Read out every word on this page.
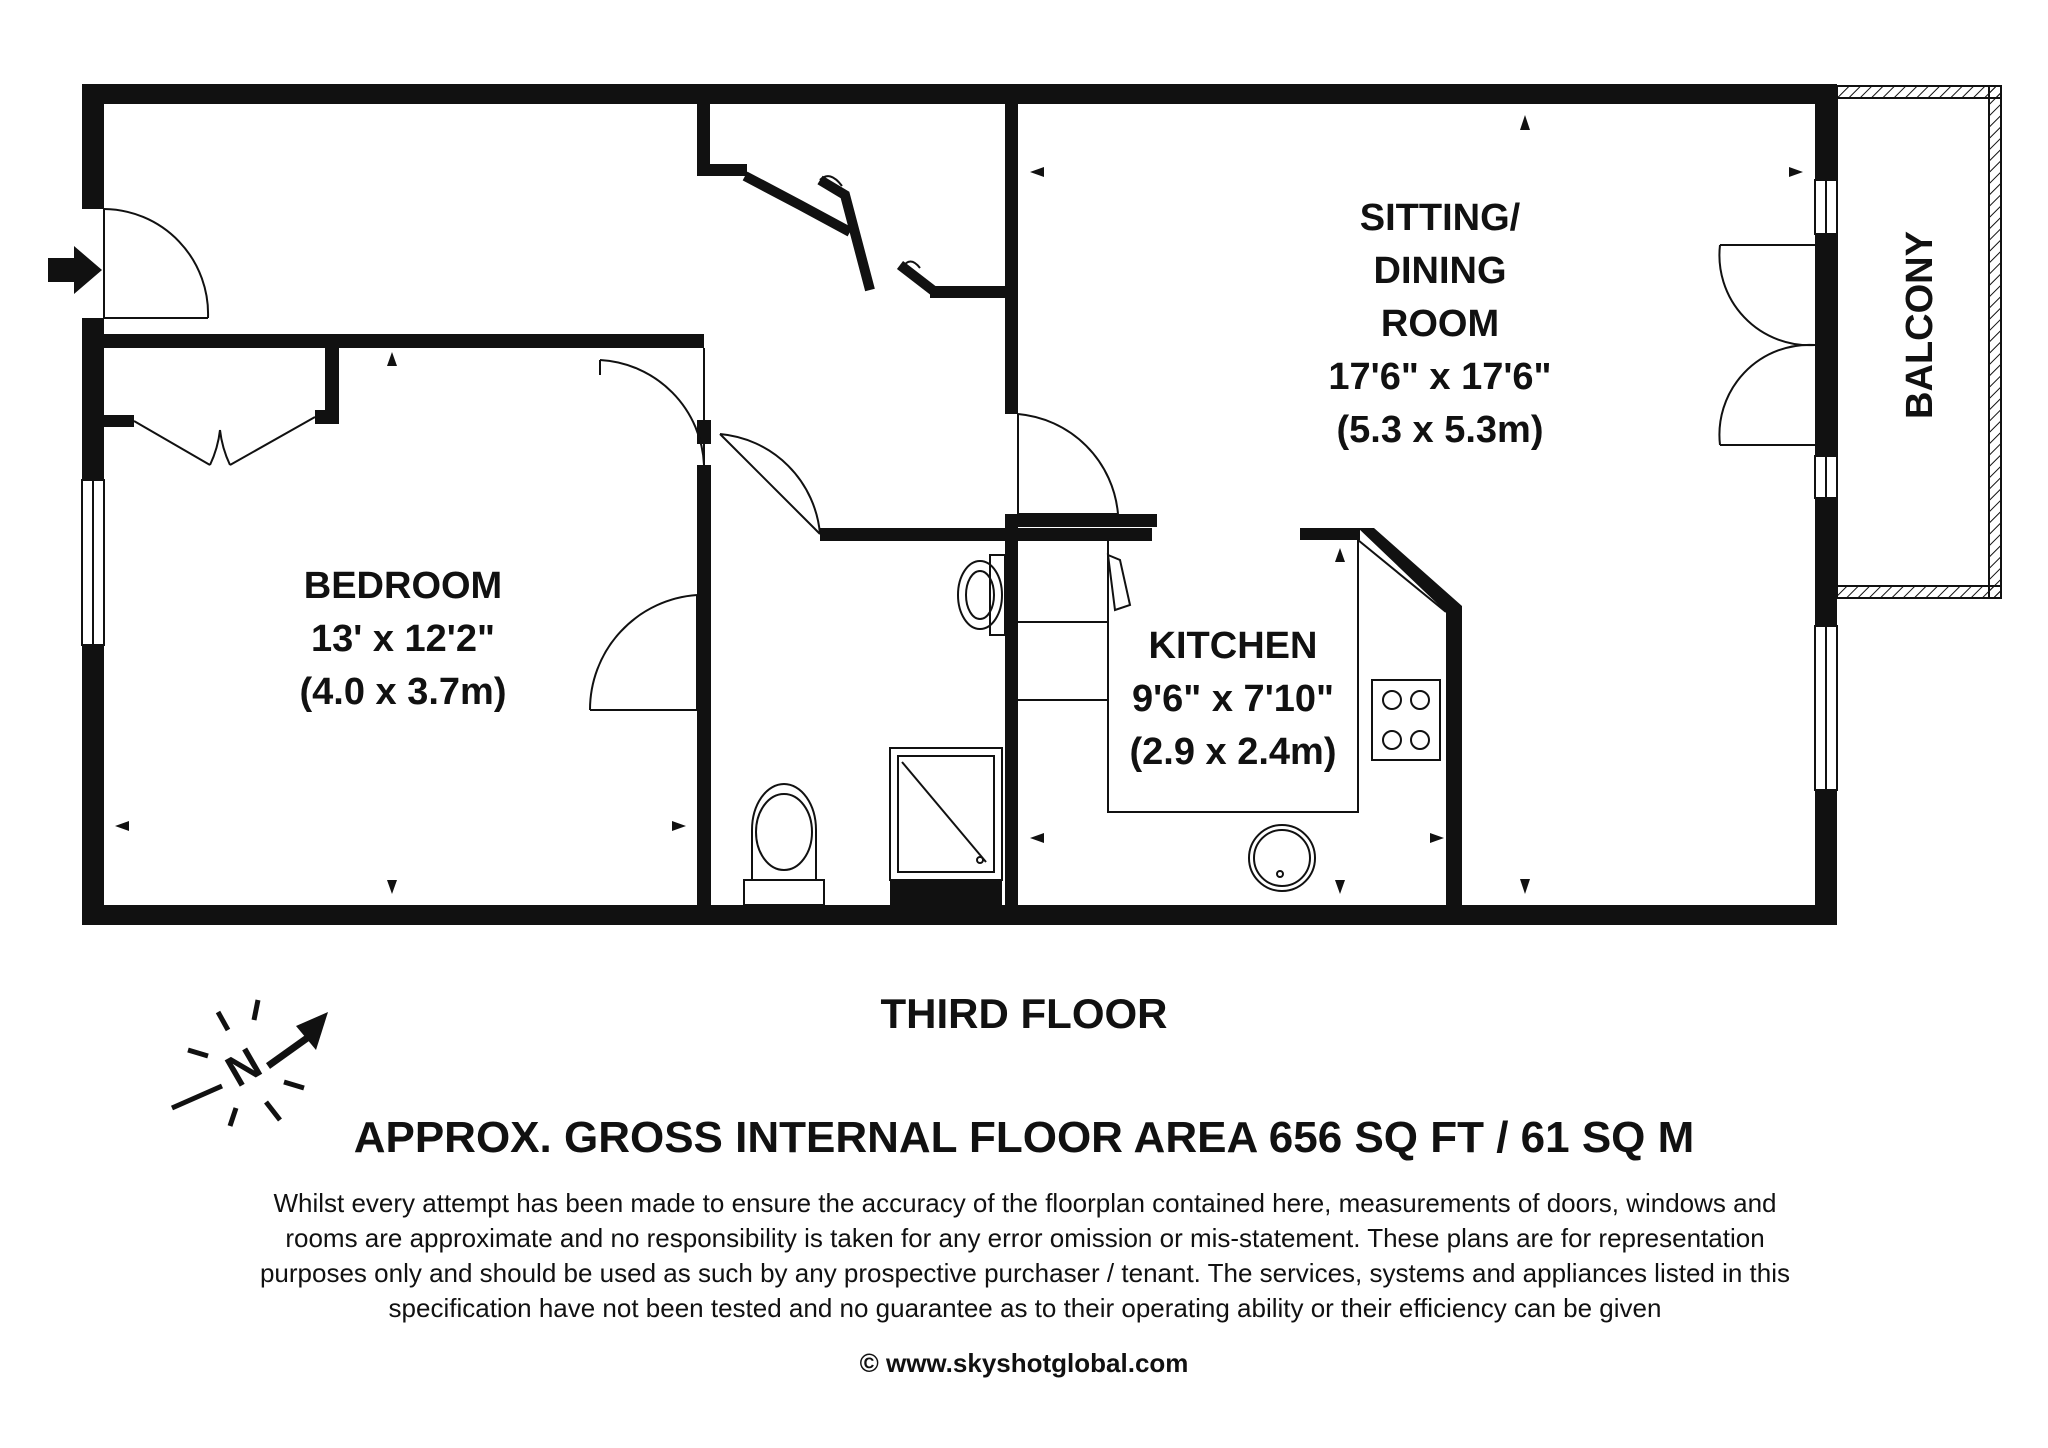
SITTING/
DINING
ROOM
17'6" x 17'6"
(5.3 x 5.3m)
BEDROOM
13' x 12'2"
(4.0 x 3.7m)
KITCHEN
9'6" x 7'10"
(2.9 x 2.4m)
BALCONY
N
THIRD FLOOR
APPROX. GROSS INTERNAL FLOOR AREA 656 SQ FT / 61 SQ M

Whilst every attempt has been made to ensure the accuracy of the floorplan contained here, measurements of doors, windows and

rooms are approximate and no responsibility is taken for any error omission or mis-statement. These plans are for representation

purposes only and should be used as such by any prospective purchaser / tenant. The services, systems and appliances listed in this

specification have not been tested and no guarantee as to their operating ability or their efficiency can be given

© www.skyshotglobal.com
